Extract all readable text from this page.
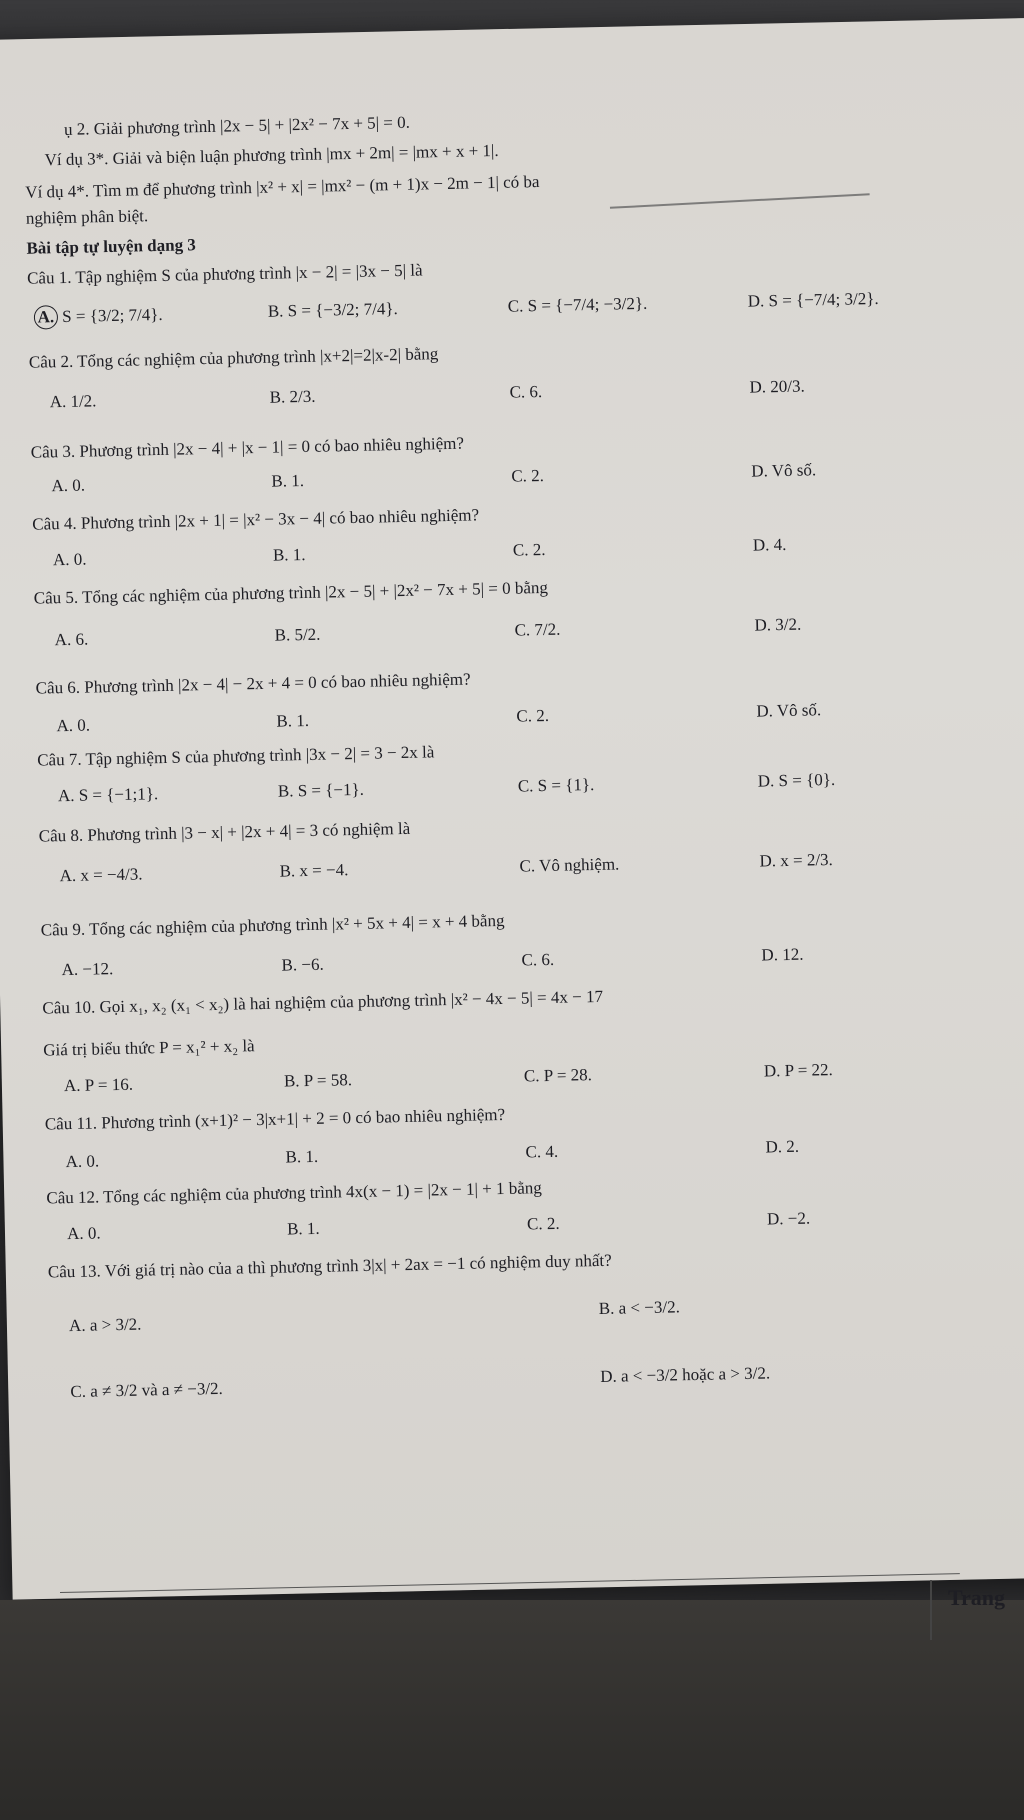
ụ 2. Giải phương trình |2x − 5| + |2x² − 7x + 5| = 0.
Ví dụ 3*. Giải và biện luận phương trình |mx + 2m| = |mx + x + 1|.
Ví dụ 4*. Tìm m để phương trình |x² + x| = |mx² − (m + 1)x − 2m − 1| có ba
nghiệm phân biệt.
Bài tập tự luyện dạng 3
Câu 1. Tập nghiệm S của phương trình |x − 2| = |3x − 5| là
A. S = {3/2; 7/4}.	B. S = {−3/2; 7/4}.	C. S = {−7/4; −3/2}.	D. S = {−7/4; 3/2}.
Câu 2. Tổng các nghiệm của phương trình |x+2|=2|x-2| bằng
A. 1/2.	B. 2/3.	C. 6.	D. 20/3.
Câu 3. Phương trình |2x − 4| + |x − 1| = 0 có bao nhiêu nghiệm?
A. 0.	B. 1.	C. 2.	D. Vô số.
Câu 4. Phương trình |2x + 1| = |x² − 3x − 4| có bao nhiêu nghiệm?
A. 0.	B. 1.	C. 2.	D. 4.
Câu 5. Tổng các nghiệm của phương trình |2x − 5| + |2x² − 7x + 5| = 0 bằng
A. 6.	B. 5/2.	C. 7/2.	D. 3/2.
Câu 6. Phương trình |2x − 4| − 2x + 4 = 0 có bao nhiêu nghiệm?
A. 0.	B. 1.	C. 2.	D. Vô số.
Câu 7. Tập nghiệm S của phương trình |3x − 2| = 3 − 2x là
A. S = {−1;1}.	B. S = {−1}.	C. S = {1}.	D. S = {0}.
Câu 8. Phương trình |3 − x| + |2x + 4| = 3 có nghiệm là
A. x = −4/3.	B. x = −4.	C. Vô nghiệm.	D. x = 2/3.
Câu 9. Tổng các nghiệm của phương trình |x² + 5x + 4| = x + 4 bằng
A. −12.	B. −6.	C. 6.	D. 12.
Câu 10. Gọi x₁, x₂ (x₁ < x₂) là hai nghiệm của phương trình |x² − 4x − 5| = 4x − 17
Giá trị biểu thức P = x₁² + x₂ là
A. P = 16.	B. P = 58.	C. P = 28.	D. P = 22.
Câu 11. Phương trình (x+1)² − 3|x+1| + 2 = 0 có bao nhiêu nghiệm?
A. 0.	B. 1.	C. 4.	D. 2.
Câu 12. Tổng các nghiệm của phương trình 4x(x − 1) = |2x − 1| + 1 bằng
A. 0.	B. 1.	C. 2.	D. −2.
Câu 13. Với giá trị nào của a thì phương trình 3|x| + 2ax = −1 có nghiệm duy nhất?
A. a > 3/2.
B. a < −3/2.
C. a ≠ 3/2 và a ≠ −3/2.
D. a < −3/2 hoặc a > 3/2.
Trang
